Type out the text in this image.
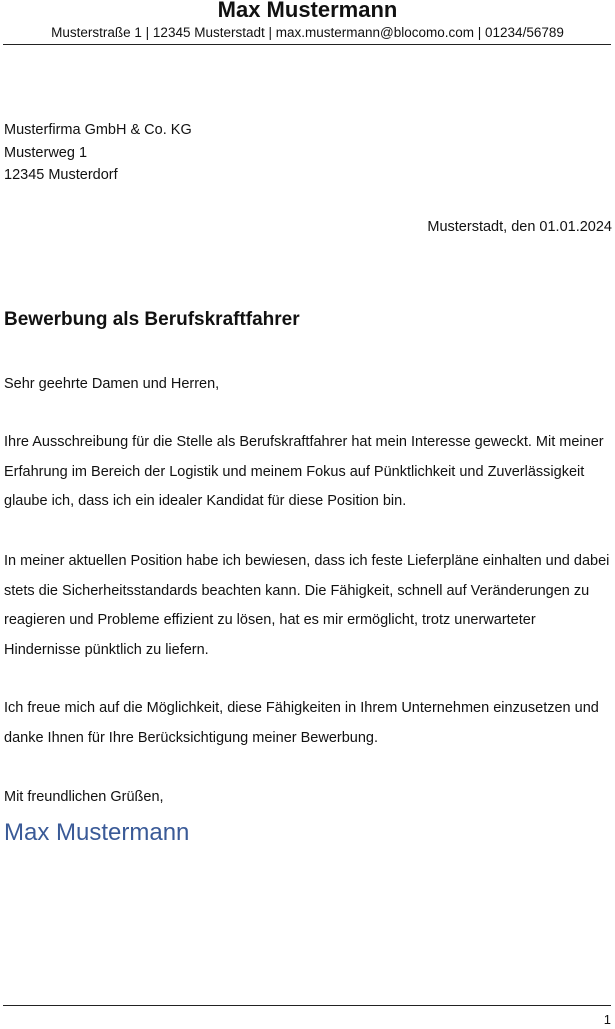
Max Mustermann
Musterstraße 1 | 12345 Musterstadt | max.mustermann@blocomo.com | 01234/56789
Musterfirma GmbH & Co. KG
Musterweg 1
12345 Musterdorf
Musterstadt, den 01.01.2024
Bewerbung als Berufskraftfahrer
Sehr geehrte Damen und Herren,
Ihre Ausschreibung für die Stelle als Berufskraftfahrer hat mein Interesse geweckt. Mit meiner Erfahrung im Bereich der Logistik und meinem Fokus auf Pünktlichkeit und Zuverlässigkeit glaube ich, dass ich ein idealer Kandidat für diese Position bin.
In meiner aktuellen Position habe ich bewiesen, dass ich feste Lieferpläne einhalten und dabei stets die Sicherheitsstandards beachten kann. Die Fähigkeit, schnell auf Veränderungen zu reagieren und Probleme effizient zu lösen, hat es mir ermöglicht, trotz unerwarteter Hindernisse pünktlich zu liefern.
Ich freue mich auf die Möglichkeit, diese Fähigkeiten in Ihrem Unternehmen einzusetzen und danke Ihnen für Ihre Berücksichtigung meiner Bewerbung.
Mit freundlichen Grüßen,
Max Mustermann
1
